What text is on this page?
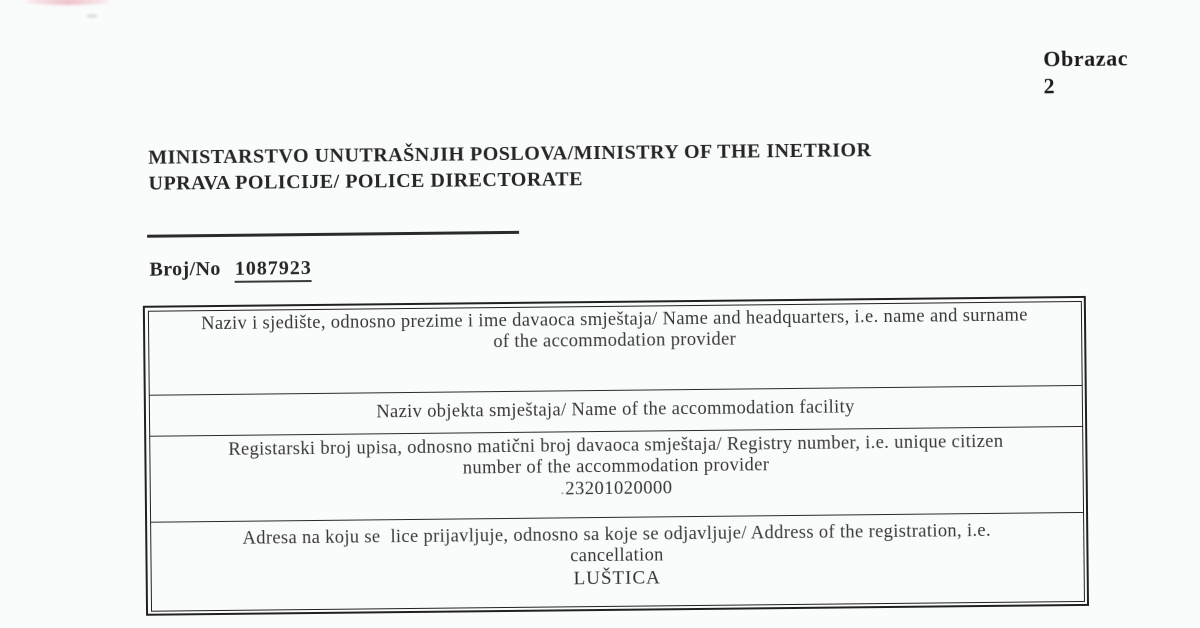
Obrazac
2
MINISTARSTVO UNUTRAŠNJIH POSLOVA/MINISTRY OF THE INETRIOR
UPRAVA POLICIJE/ POLICE DIRECTORATE
Broj/No 1087923
Naziv i sjedište, odnosno prezime i ime davaoca smještaja/ Name and headquarters, i.e. name and surname
of the accommodation provider
Naziv objekta smještaja/ Name of the accommodation facility
Registarski broj upisa, odnosno matični broj davaoca smještaja/ Registry number, i.e. unique citizen
number of the accommodation provider
.23201020000
Adresa na koju se  lice prijavljuje, odnosno sa koje se odjavljuje/ Address of the registration, i.e.
cancellation
LUŠTICA
